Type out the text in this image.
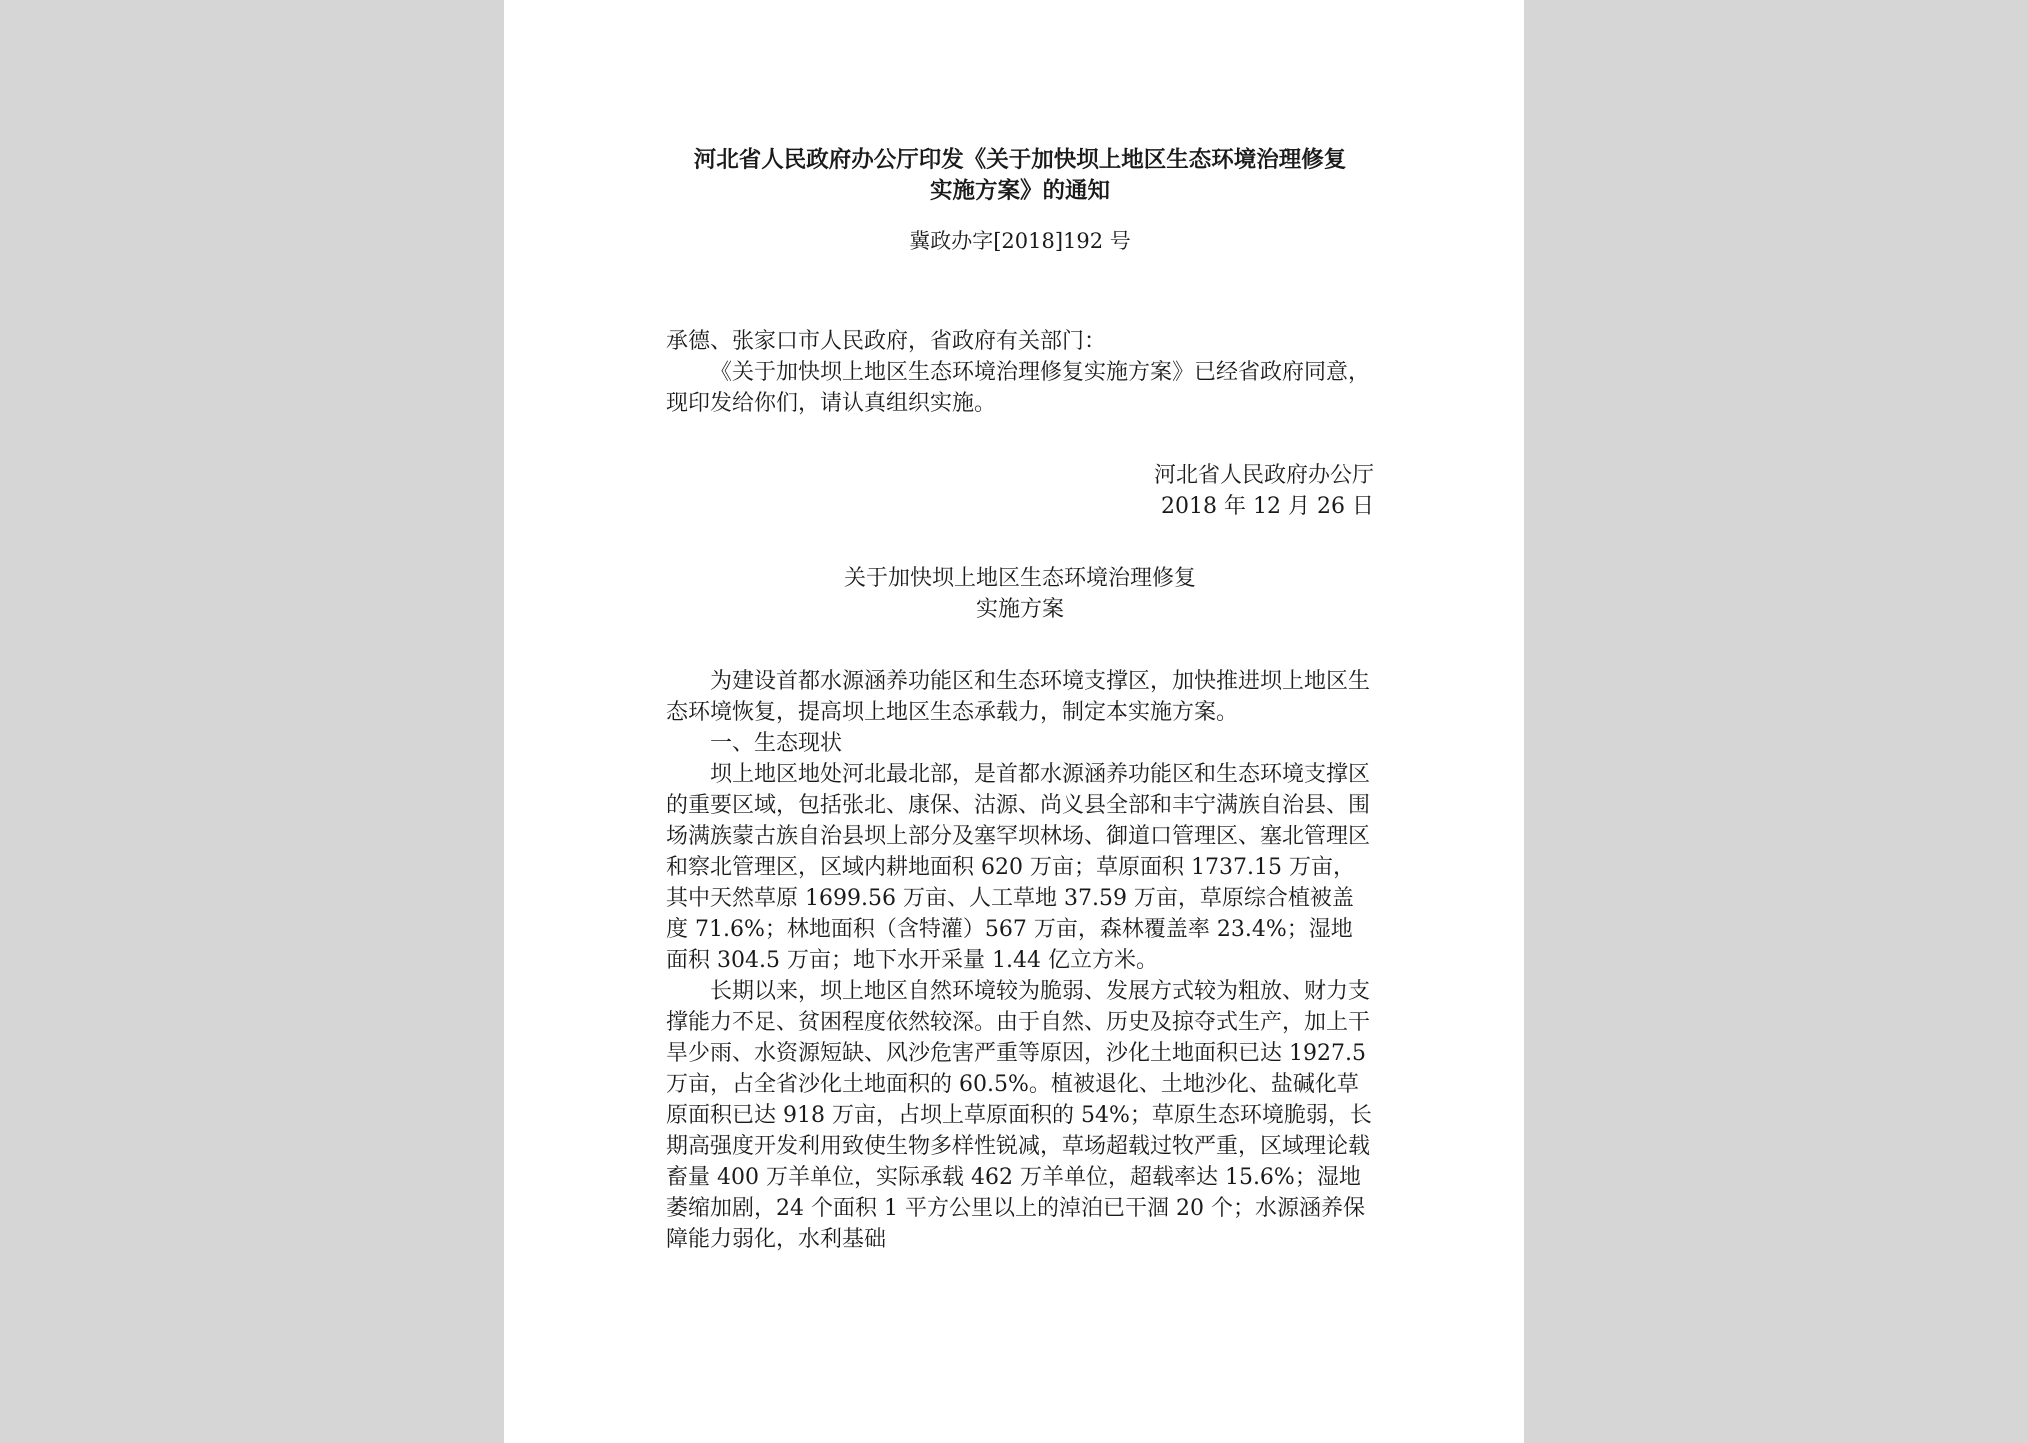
河北省人民政府办公厅印发《关于加快坝上地区生态环境治理修复
实施方案》的通知

冀政办字[2018]192 号
承德、张家口市人民政府，省政府有关部门：

《关于加快坝上地区生态环境治理修复实施方案》已经省政府同意，现印发给你们，请认真组织实施。

河北省人民政府办公厅
2018 年 12 月 26 日
关于加快坝上地区生态环境治理修复
实施方案

为建设首都水源涵养功能区和生态环境支撑区，加快推进坝上地区生态环境恢复，提高坝上地区生态承载力，制定本实施方案。

一、生态现状

坝上地区地处河北最北部，是首都水源涵养功能区和生态环境支撑区的重要区域，包括张北、康保、沽源、尚义县全部和丰宁满族自治县、围场满族蒙古族自治县坝上部分及塞罕坝林场、御道口管理区、塞北管理区和察北管理区，区域内耕地面积 620 万亩；草原面积 1737.15 万亩，其中天然草原 1699.56 万亩、人工草地 37.59 万亩，草原综合植被盖度 71.6%；林地面积（含特灌）567 万亩，森林覆盖率 23.4%；湿地面积 304.5 万亩；地下水开采量 1.44 亿立方米。

长期以来，坝上地区自然环境较为脆弱、发展方式较为粗放、财力支撑能力不足、贫困程度依然较深。由于自然、历史及掠夺式生产，加上干旱少雨、水资源短缺、风沙危害严重等原因，沙化土地面积已达 1927.5 万亩，占全省沙化土地面积的 60.5%。植被退化、土地沙化、盐碱化草原面积已达 918 万亩，占坝上草原面积的 54%；草原生态环境脆弱，长期高强度开发利用致使生物多样性锐减，草场超载过牧严重，区域理论载畜量 400 万羊单位，实际承载 462 万羊单位，超载率达 15.6%；湿地萎缩加剧，24 个面积 1 平方公里以上的淖泊已干涸 20 个；水源涵养保障能力弱化，水利基础
